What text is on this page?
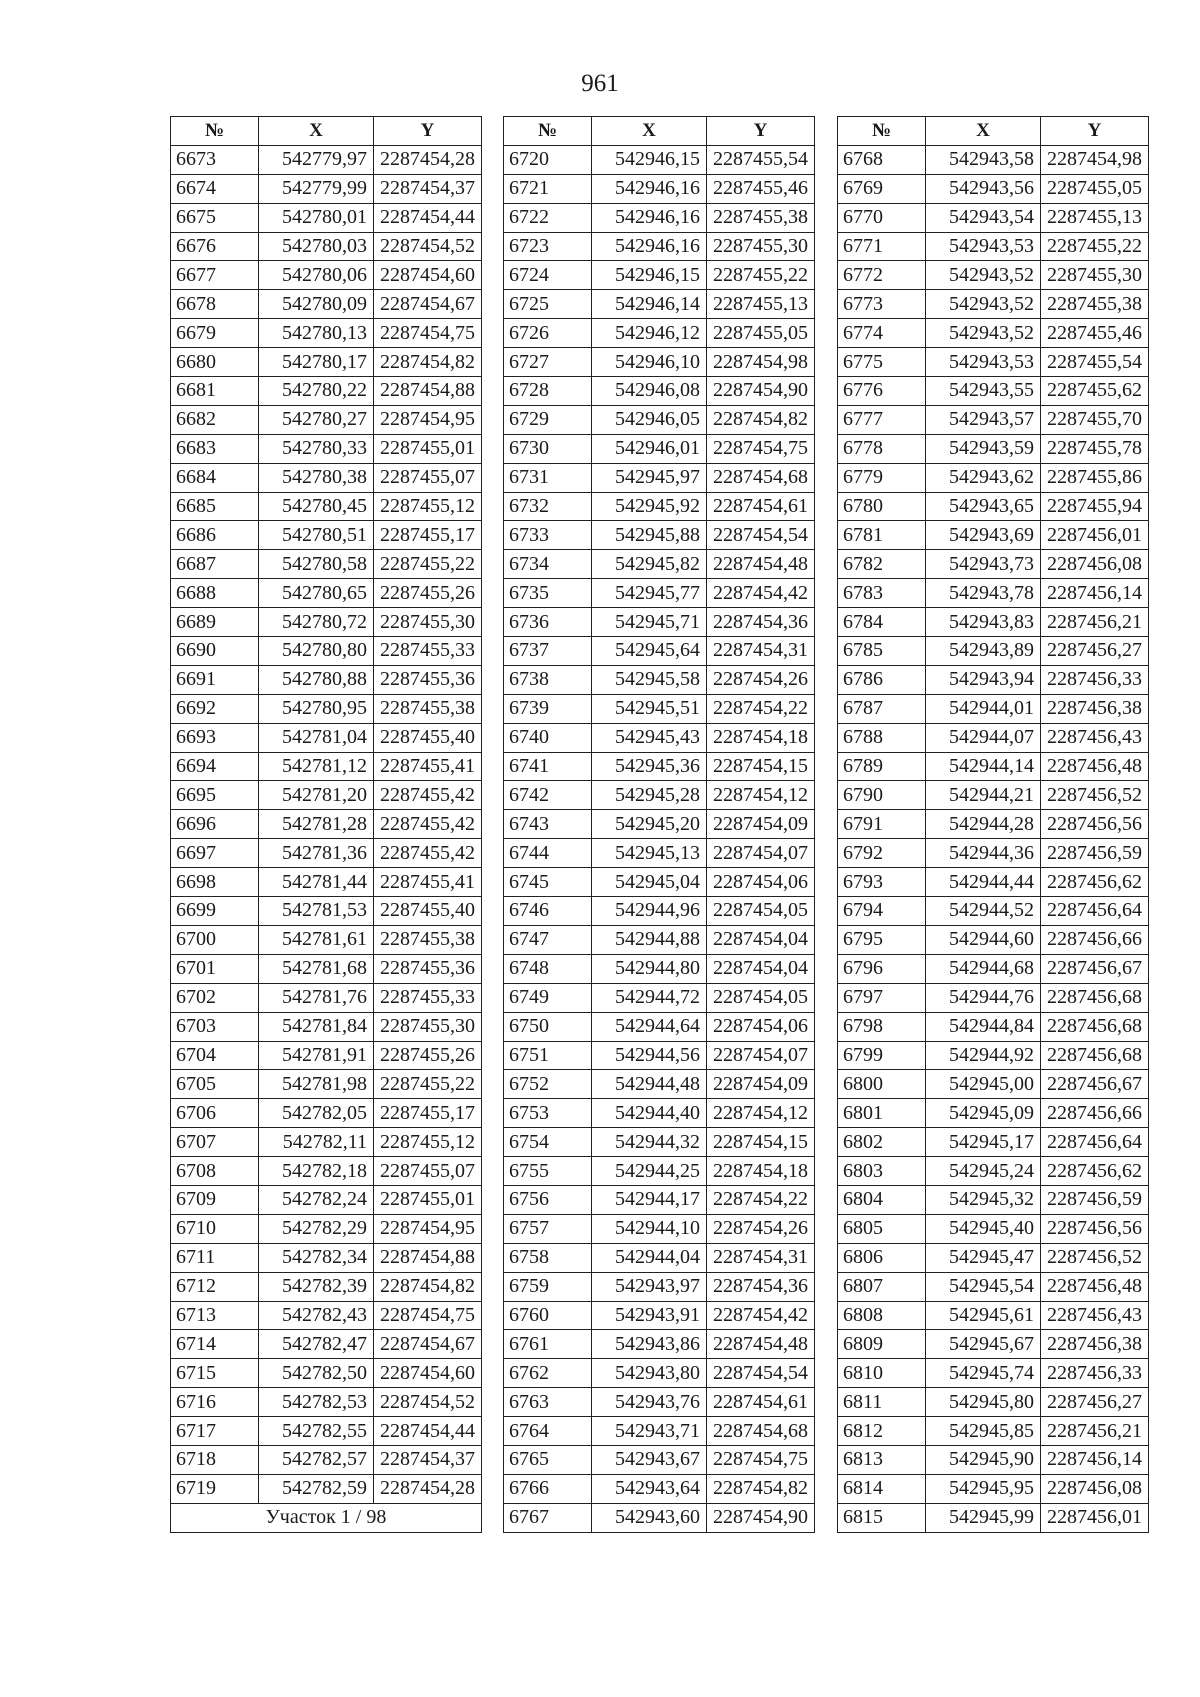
961
№	X	Y
6673	542779,97	2287454,28
6674	542779,99	2287454,37
6675	542780,01	2287454,44
6676	542780,03	2287454,52
6677	542780,06	2287454,60
6678	542780,09	2287454,67
6679	542780,13	2287454,75
6680	542780,17	2287454,82
6681	542780,22	2287454,88
6682	542780,27	2287454,95
6683	542780,33	2287455,01
6684	542780,38	2287455,07
6685	542780,45	2287455,12
6686	542780,51	2287455,17
6687	542780,58	2287455,22
6688	542780,65	2287455,26
6689	542780,72	2287455,30
6690	542780,80	2287455,33
6691	542780,88	2287455,36
6692	542780,95	2287455,38
6693	542781,04	2287455,40
6694	542781,12	2287455,41
6695	542781,20	2287455,42
6696	542781,28	2287455,42
6697	542781,36	2287455,42
6698	542781,44	2287455,41
6699	542781,53	2287455,40
6700	542781,61	2287455,38
6701	542781,68	2287455,36
6702	542781,76	2287455,33
6703	542781,84	2287455,30
6704	542781,91	2287455,26
6705	542781,98	2287455,22
6706	542782,05	2287455,17
6707	542782,11	2287455,12
6708	542782,18	2287455,07
6709	542782,24	2287455,01
6710	542782,29	2287454,95
6711	542782,34	2287454,88
6712	542782,39	2287454,82
6713	542782,43	2287454,75
6714	542782,47	2287454,67
6715	542782,50	2287454,60
6716	542782,53	2287454,52
6717	542782,55	2287454,44
6718	542782,57	2287454,37
6719	542782,59	2287454,28
Участок 1 / 98		
№	X	Y
6720	542946,15	2287455,54
6721	542946,16	2287455,46
6722	542946,16	2287455,38
6723	542946,16	2287455,30
6724	542946,15	2287455,22
6725	542946,14	2287455,13
6726	542946,12	2287455,05
6727	542946,10	2287454,98
6728	542946,08	2287454,90
6729	542946,05	2287454,82
6730	542946,01	2287454,75
6731	542945,97	2287454,68
6732	542945,92	2287454,61
6733	542945,88	2287454,54
6734	542945,82	2287454,48
6735	542945,77	2287454,42
6736	542945,71	2287454,36
6737	542945,64	2287454,31
6738	542945,58	2287454,26
6739	542945,51	2287454,22
6740	542945,43	2287454,18
6741	542945,36	2287454,15
6742	542945,28	2287454,12
6743	542945,20	2287454,09
6744	542945,13	2287454,07
6745	542945,04	2287454,06
6746	542944,96	2287454,05
6747	542944,88	2287454,04
6748	542944,80	2287454,04
6749	542944,72	2287454,05
6750	542944,64	2287454,06
6751	542944,56	2287454,07
6752	542944,48	2287454,09
6753	542944,40	2287454,12
6754	542944,32	2287454,15
6755	542944,25	2287454,18
6756	542944,17	2287454,22
6757	542944,10	2287454,26
6758	542944,04	2287454,31
6759	542943,97	2287454,36
6760	542943,91	2287454,42
6761	542943,86	2287454,48
6762	542943,80	2287454,54
6763	542943,76	2287454,61
6764	542943,71	2287454,68
6765	542943,67	2287454,75
6766	542943,64	2287454,82
6767	542943,60	2287454,90
№	X	Y
6768	542943,58	2287454,98
6769	542943,56	2287455,05
6770	542943,54	2287455,13
6771	542943,53	2287455,22
6772	542943,52	2287455,30
6773	542943,52	2287455,38
6774	542943,52	2287455,46
6775	542943,53	2287455,54
6776	542943,55	2287455,62
6777	542943,57	2287455,70
6778	542943,59	2287455,78
6779	542943,62	2287455,86
6780	542943,65	2287455,94
6781	542943,69	2287456,01
6782	542943,73	2287456,08
6783	542943,78	2287456,14
6784	542943,83	2287456,21
6785	542943,89	2287456,27
6786	542943,94	2287456,33
6787	542944,01	2287456,38
6788	542944,07	2287456,43
6789	542944,14	2287456,48
6790	542944,21	2287456,52
6791	542944,28	2287456,56
6792	542944,36	2287456,59
6793	542944,44	2287456,62
6794	542944,52	2287456,64
6795	542944,60	2287456,66
6796	542944,68	2287456,67
6797	542944,76	2287456,68
6798	542944,84	2287456,68
6799	542944,92	2287456,68
6800	542945,00	2287456,67
6801	542945,09	2287456,66
6802	542945,17	2287456,64
6803	542945,24	2287456,62
6804	542945,32	2287456,59
6805	542945,40	2287456,56
6806	542945,47	2287456,52
6807	542945,54	2287456,48
6808	542945,61	2287456,43
6809	542945,67	2287456,38
6810	542945,74	2287456,33
6811	542945,80	2287456,27
6812	542945,85	2287456,21
6813	542945,90	2287456,14
6814	542945,95	2287456,08
6815	542945,99	2287456,01
